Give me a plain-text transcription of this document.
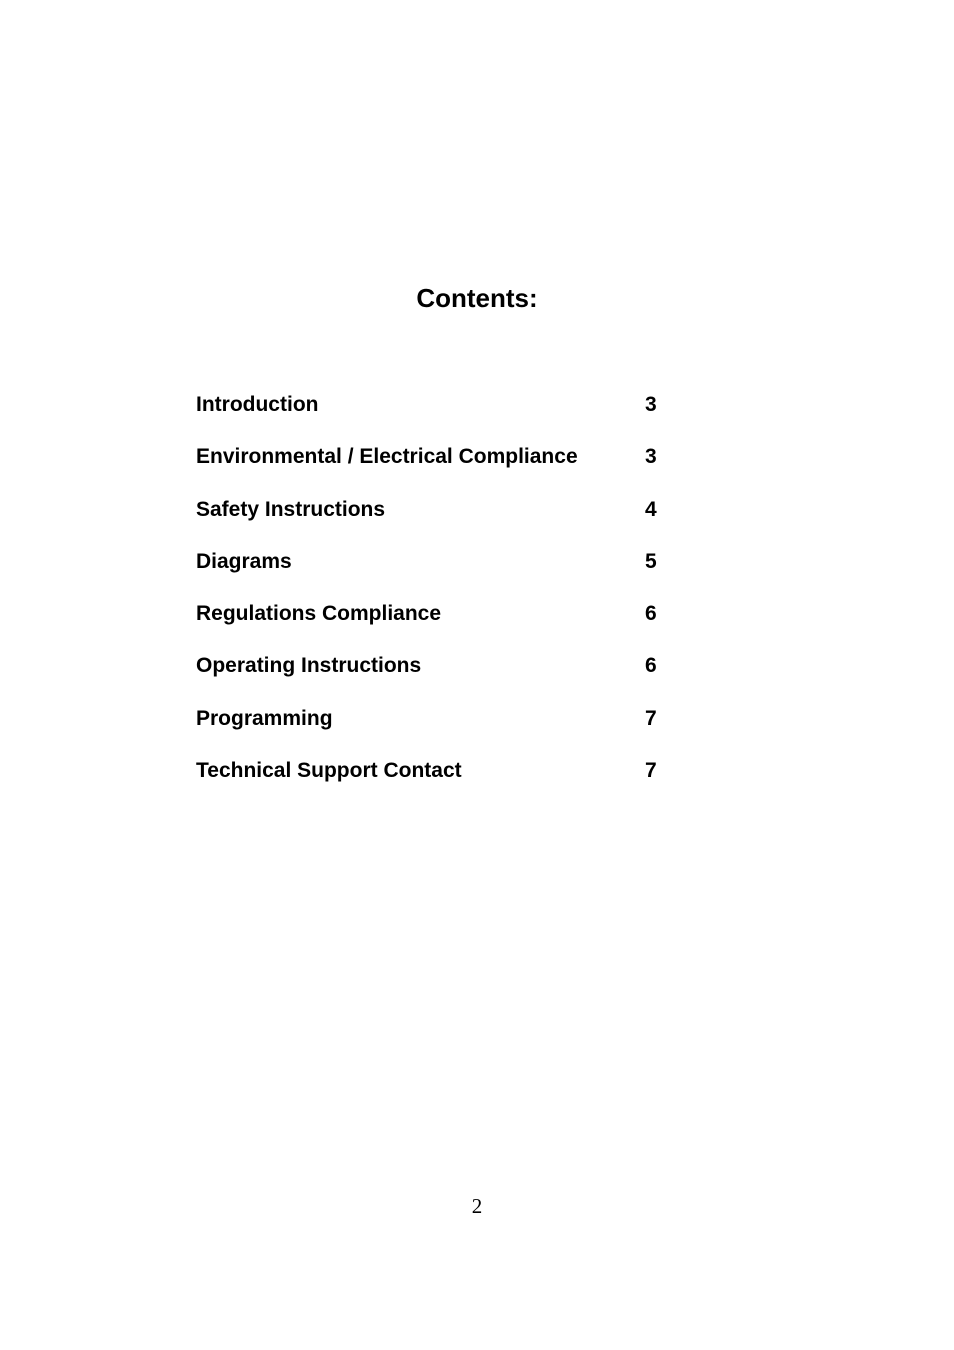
Contents:
Introduction	3
Environmental / Electrical Compliance	3
Safety Instructions	4
Diagrams	5
Regulations Compliance	6
Operating Instructions	6
Programming	7
Technical Support Contact	7
2
